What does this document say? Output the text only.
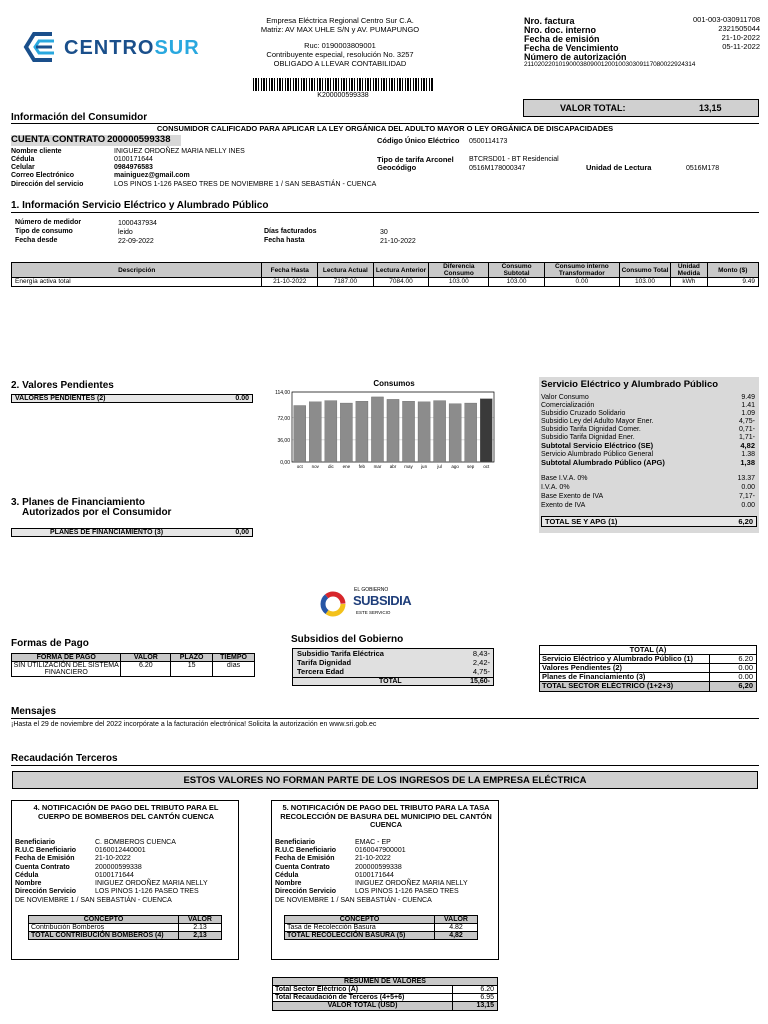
CENTROSUR
Empresa Eléctrica Regional Centro Sur C.A.
Matriz: AV MAX UHLE S/N y AV. PUMAPUNGO
Ruc: 0190003809001
Contribuyente especial, resolución No. 3257
OBLIGADO A LLEVAR CONTABILIDAD
K200000599338
Nro. factura	001-003-030911708
Nro. doc. interno	2321505044
Fecha de emisión	21-10-2022
Fecha de Vencimiento	05-11-2022
Número de autorización
2110202201019000380900120010030309117080022924314
VALOR TOTAL:	13,15
Información del Consumidor
CONSUMIDOR CALIFICADO PARA APLICAR LA LEY ORGÁNICA DEL ADULTO MAYOR O LEY ORGÁNICA DE DISCAPACIDADES
CUENTA CONTRATO 200000599338	Código Único Eléctrico 0500114173
Nombre cliente	INIGUEZ ORDOÑEZ MARIA NELLY INES
Cédula	0100171644
Celular	0984976583
Correo Electrónico	mainiguez@gmail.com
Dirección del servicio	LOS PINOS 1-126 PASEO TRES DE NOVIEMBRE 1 / SAN SEBASTIÁN - CUENCA
Tipo de tarifa Arconel BTCRSD01 - BT Residencial
Geocódigo	0516M178000347	Unidad de Lectura	0516M178
1. Información Servicio Eléctrico y Alumbrado Público
Número de medidor	1000437934
Tipo de consumo	leido
Fecha desde	22-09-2022
Días facturados	30
Fecha hasta	21-10-2022
Descripción	Fecha Hasta	Lectura Actual	Lectura Anterior	Diferencia Consumo	Consumo Subtotal	Consumo interno Transformador	Consumo Total	Unidad Medida	Monto ($)
Energía activa total	21-10-2022	7187.00	7084.00	103.00	103.00	0.00	103.00	kWh	9.49
2. Valores Pendientes
VALORES PENDIENTES (2)	0.00
Consumos
114,00
72,00
36,00
0,00
oct nov dic ene feb mar abr may jun jul ago sep oct
3. Planes de Financiamiento
Autorizados por el Consumidor
PLANES DE FINANCIAMIENTO (3)	0,00
Servicio Eléctrico y Alumbrado Público
Valor Consumo	9.49
Comercialización	1.41
Subsidio Cruzado Solidario	1.09
Subsidio Ley del Adulto Mayor Ener.	4,75-
Subsidio Tarifa Dignidad Comer.	0,71-
Subsidio Tarifa Dignidad Ener.	1,71-
Subtotal Servicio Eléctrico (SE)	4,82
Servicio Alumbrado Público General	1.38
Subtotal Alumbrado Público (APG)	1,38
Base I.V.A. 0%	13.37
I.V.A. 0%	0.00
Base Exento de IVA	7,17-
Exento de IVA	0.00
TOTAL SE Y APG (1)	6,20
EL GOBIERNO
SUBSIDIA
ESTE SERVICIO
Formas de Pago
FORMA DE PAGO	VALOR	PLAZO	TIEMPO
SIN UTILIZACIÓN DEL SISTEMA FINANCIERO	6.20	15	días
Subsidios del Gobierno
Subsidio Tarifa Eléctrica	8,43-
Tarifa Dignidad	2,42-
Tercera Edad	4,75-
TOTAL	15,60-
TOTAL (A)
Servicio Eléctrico y Alumbrado Público (1)	6.20
Valores Pendientes (2)	0.00
Planes de Financiamiento (3)	0.00
TOTAL SECTOR ELÉCTRICO (1+2+3)	6,20
Mensajes
¡Hasta el 29 de noviembre del 2022 incorpórate a la facturación electrónica! Solicita la autorización en www.sri.gob.ec
Recaudación Terceros
ESTOS VALORES NO FORMAN PARTE DE LOS INGRESOS DE LA EMPRESA ELÉCTRICA
4. NOTIFICACIÓN DE PAGO DEL TRIBUTO PARA EL CUERPO DE BOMBEROS DEL CANTÓN CUENCA
Beneficiario	C. BOMBEROS CUENCA
R.U.C Beneficiario	0160012440001
Fecha de Emisión	21-10-2022
Cuenta Contrato	200000599338
Cédula	0100171644
Nombre	INIGUEZ ORDOÑEZ MARIA NELLY
Dirección Servicio	LOS PINOS 1-126 PASEO TRES
DE NOVIEMBRE 1 / SAN SEBASTIÁN - CUENCA
CONCEPTO	VALOR
Contribución Bomberos	2.13
TOTAL CONTRIBUCIÓN BOMBEROS (4)	2,13
5. NOTIFICACIÓN DE PAGO DEL TRIBUTO PARA LA TASA RECOLECCIÓN DE BASURA DEL MUNICIPIO DEL CANTÓN CUENCA
Beneficiario	EMAC - EP
R.U.C Beneficiario	0160047900001
Fecha de Emisión	21-10-2022
Cuenta Contrato	200000599338
Cédula	0100171644
Nombre	INIGUEZ ORDOÑEZ MARIA NELLY
Dirección Servicio	LOS PINOS 1-126 PASEO TRES
DE NOVIEMBRE 1 / SAN SEBASTIÁN - CUENCA
CONCEPTO	VALOR
Tasa de Recolección Basura	4.82
TOTAL RECOLECCIÓN BASURA (5)	4,82
RESUMEN DE VALORES
Total Sector Eléctrico (A)	6.20
Total Recaudación de Terceros (4+5+6)	6.95
VALOR TOTAL (USD)	13,15
